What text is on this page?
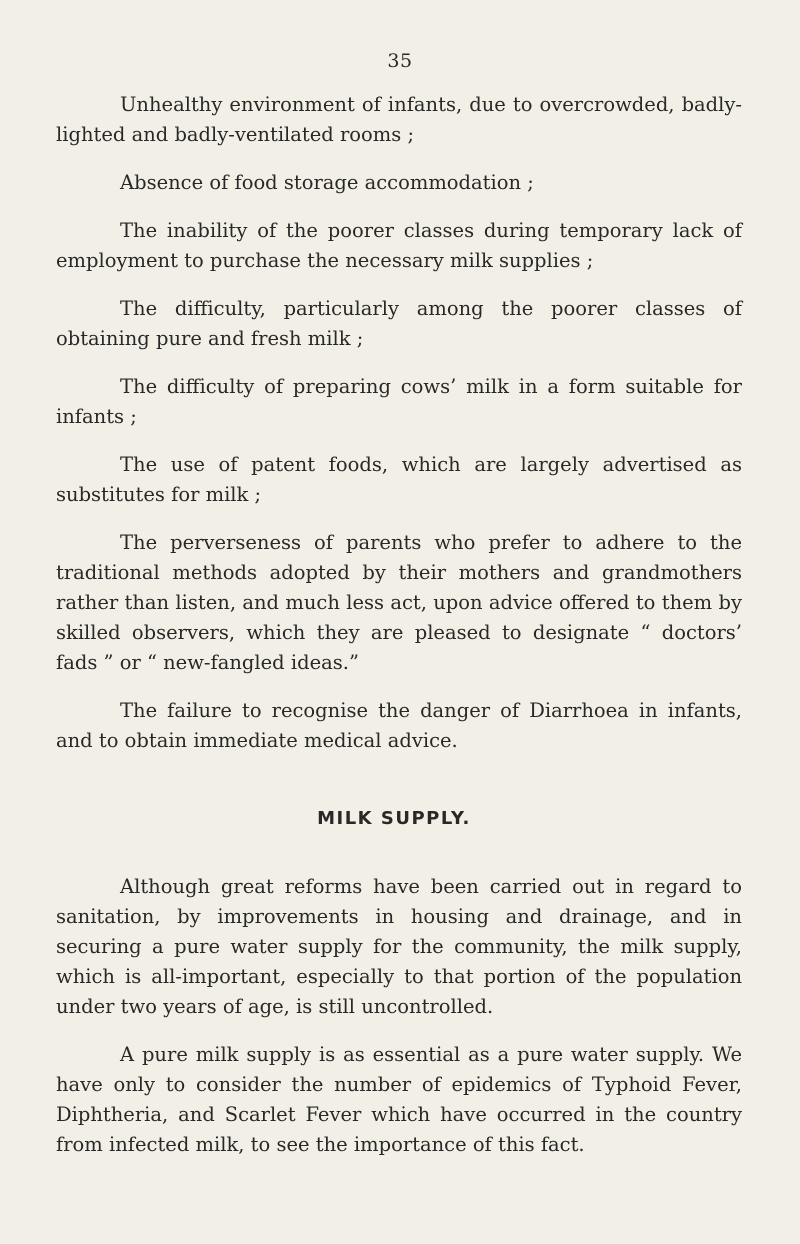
35

Unhealthy environment of infants, due to overcrowded, badly-lighted and badly-ventilated rooms ;

Absence of food storage accommodation ;

The inability of the poorer classes during temporary lack of employment to purchase the necessary milk supplies ;

The difficulty, particularly among the poorer classes of obtaining pure and fresh milk ;

The difficulty of preparing cows’ milk in a form suitable for infants ;

The use of patent foods, which are largely advertised as substitutes for milk ;

The perverseness of parents who prefer to adhere to the traditional methods adopted by their mothers and grandmothers rather than listen, and much less act, upon advice offered to them by skilled observers, which they are pleased to designate “ doctors’ fads ” or “ new-fangled ideas.”

The failure to recognise the danger of Diarrhoea in infants, and to obtain immediate medical advice.

MILK SUPPLY.

Although great reforms have been carried out in regard to sanitation, by improvements in housing and drainage, and in securing a pure water supply for the community, the milk supply, which is all-important, especially to that portion of the population under two years of age, is still uncontrolled.

A pure milk supply is as essential as a pure water supply. We have only to consider the number of epidemics of Typhoid Fever, Diphtheria, and Scarlet Fever which have occurred in the country from infected milk, to see the importance of this fact.
